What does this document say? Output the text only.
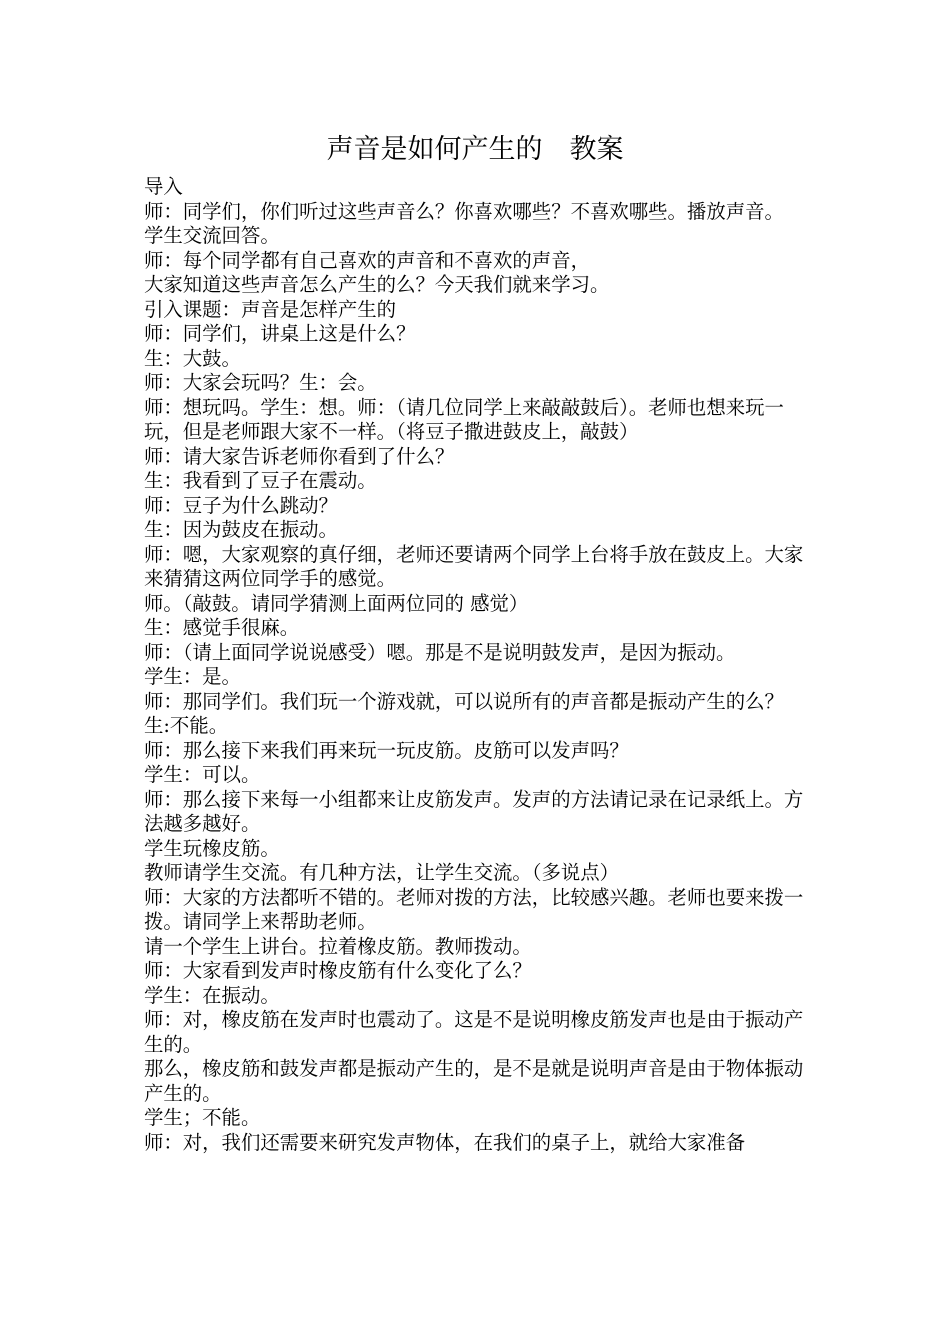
声音是如何产生的　教案

导入

师：同学们，你们听过这些声音么？你喜欢哪些？不喜欢哪些。播放声音。

学生交流回答。

师：每个同学都有自己喜欢的声音和不喜欢的声音，

大家知道这些声音怎么产生的么？今天我们就来学习。

引入课题：声音是怎样产生的

师：同学们，讲桌上这是什么？

生：大鼓。

师：大家会玩吗？生：会。

师：想玩吗。学生：想。师：（请几位同学上来敲敲鼓后）。老师也想来玩一玩，但是老师跟大家不一样。（将豆子撒进鼓皮上，敲鼓）

师：请大家告诉老师你看到了什么？

生：我看到了豆子在震动。

师：豆子为什么跳动？

生：因为鼓皮在振动。

师：嗯，大家观察的真仔细，老师还要请两个同学上台将手放在鼓皮上。大家来猜猜这两位同学手的感觉。

师。（敲鼓。请同学猜测上面两位同的 感觉）

生：感觉手很麻。

师：（请上面同学说说感受）嗯。那是不是说明鼓发声，是因为振动。

学生：是。

师：那同学们。我们玩一个游戏就，可以说所有的声音都是振动产生的么？

生:不能。

师：那么接下来我们再来玩一玩皮筋。皮筋可以发声吗？

学生：可以。

师：那么接下来每一小组都来让皮筋发声。发声的方法请记录在记录纸上。方法越多越好。

学生玩橡皮筋。

教师请学生交流。有几种方法，让学生交流。（多说点）

师：大家的方法都听不错的。老师对拨的方法，比较感兴趣。老师也要来拨一拨。请同学上来帮助老师。

请一个学生上讲台。拉着橡皮筋。教师拨动。

师：大家看到发声时橡皮筋有什么变化了么？

学生：在振动。

师：对，橡皮筋在发声时也震动了。这是不是说明橡皮筋发声也是由于振动产生的。

那么，橡皮筋和鼓发声都是振动产生的，是不是就是说明声音是由于物体振动产生的。

学生；不能。

师：对，我们还需要来研究发声物体，在我们的桌子上，就给大家准备
